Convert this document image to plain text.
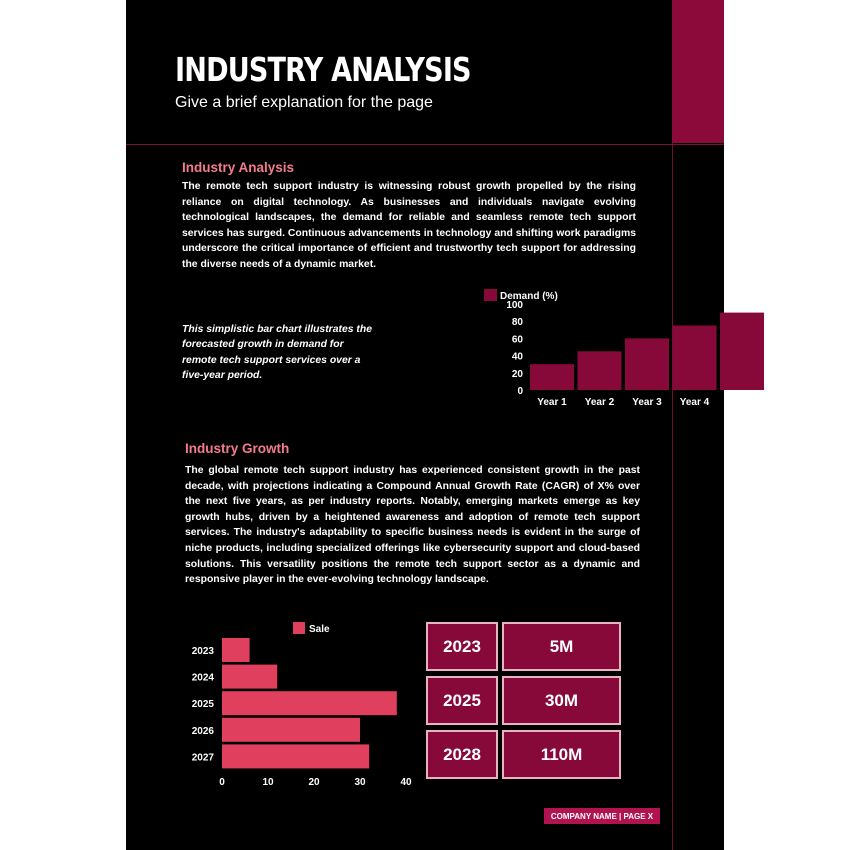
INDUSTRY ANALYSIS
Give a brief explanation for the page
Industry Analysis

The remote tech support industry is witnessing robust growth propelled by the rising reliance on digital technology. As businesses and individuals navigate evolving technological landscapes, the demand for reliable and seamless remote tech support services has surged. Continuous advancements in technology and shifting work paradigms underscore the critical importance of efficient and trustworthy tech support for addressing the diverse needs of a dynamic market.

This simplistic bar chart illustrates the forecasted growth in demand for remote tech support services over a five-year period.

Demand (%)
100
80
60
40
20
0
Year 1 Year 2 Year 3 Year 4 Year 5
Industry Growth

The global remote tech support industry has experienced consistent growth in the past decade, with projections indicating a Compound Annual Growth Rate (CAGR) of X% over the next five years, as per industry reports. Notably, emerging markets emerge as key growth hubs, driven by a heightened awareness and adoption of remote tech support services. The industry's adaptability to specific business needs is evident in the surge of niche products, including specialized offerings like cybersecurity support and cloud-based solutions. This versatility positions the remote tech support sector as a dynamic and responsive player in the ever-evolving technology landscape.

Sale
2023
2024
2025
2026
2027
0	10	20	30	40
2023	5M
2025	30M
2028	110M
COMPANY NAME | PAGE X
